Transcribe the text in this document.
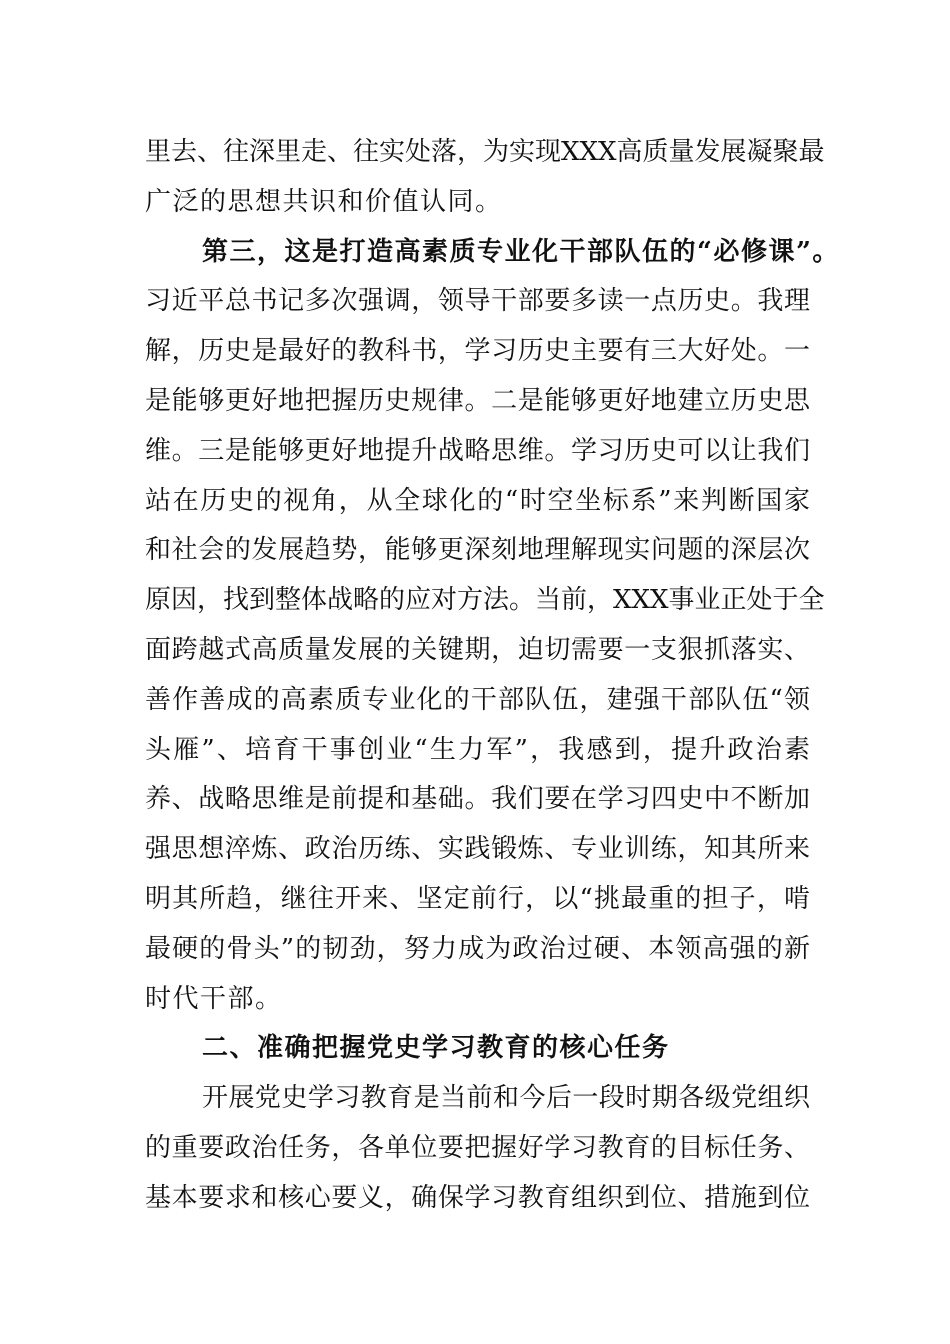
里去、往深里走、往实处落，为实现XXX高质量发展凝聚最
广泛的思想共识和价值认同。
第三，这是打造高素质专业化干部队伍的“必修课”。
习近平总书记多次强调，领导干部要多读一点历史。我理
解，历史是最好的教科书，学习历史主要有三大好处。一
是能够更好地把握历史规律。二是能够更好地建立历史思
维。三是能够更好地提升战略思维。学习历史可以让我们
站在历史的视角，从全球化的“时空坐标系”来判断国家
和社会的发展趋势，能够更深刻地理解现实问题的深层次
原因，找到整体战略的应对方法。当前，XXX事业正处于全
面跨越式高质量发展的关键期，迫切需要一支狠抓落实、
善作善成的高素质专业化的干部队伍，建强干部队伍“领
头雁”、培育干事创业“生力军”，我感到，提升政治素
养、战略思维是前提和基础。我们要在学习四史中不断加
强思想淬炼、政治历练、实践锻炼、专业训练，知其所来
明其所趋，继往开来、坚定前行，以“挑最重的担子，啃
最硬的骨头”的韧劲，努力成为政治过硬、本领高强的新
时代干部。
二、准确把握党史学习教育的核心任务
开展党史学习教育是当前和今后一段时期各级党组织
的重要政治任务，各单位要把握好学习教育的目标任务、
基本要求和核心要义，确保学习教育组织到位、措施到位
